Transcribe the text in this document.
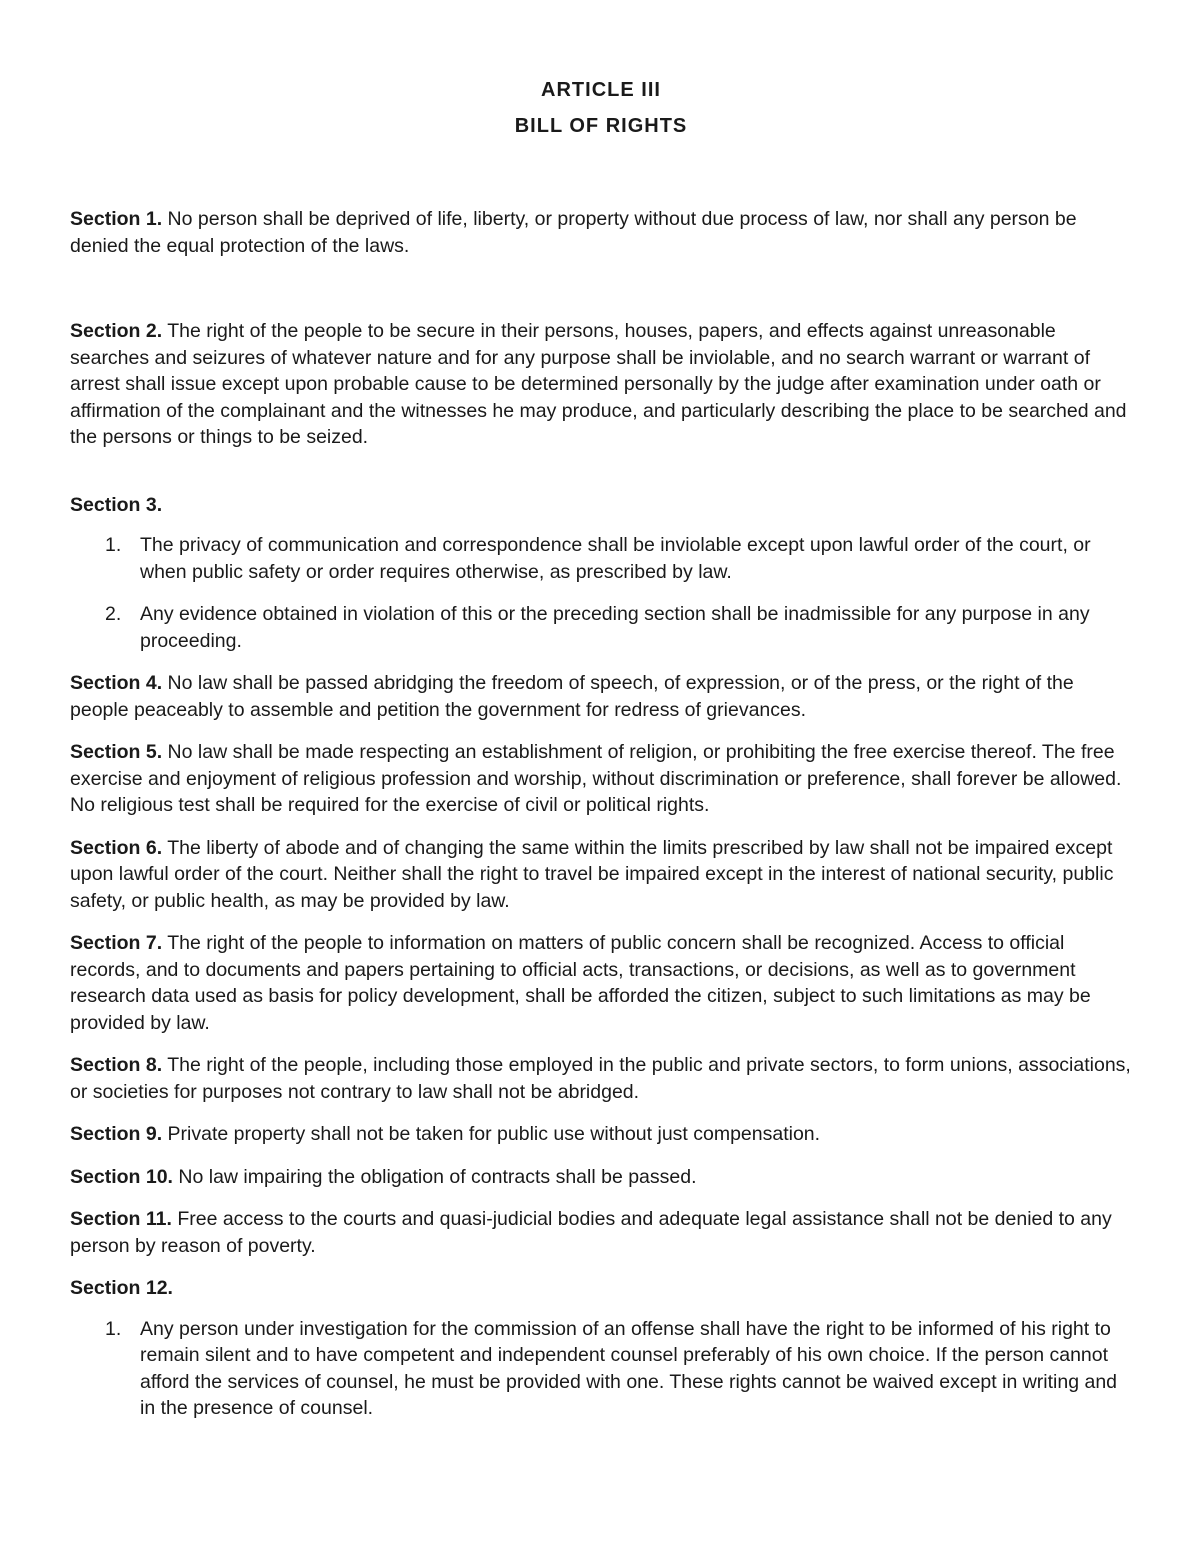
ARTICLE III

BILL OF RIGHTS

Section 1. No person shall be deprived of life, liberty, or property without due process of law, nor shall any person be denied the equal protection of the laws.

Section 2. The right of the people to be secure in their persons, houses, papers, and effects against unreasonable searches and seizures of whatever nature and for any purpose shall be inviolable, and no search warrant or warrant of arrest shall issue except upon probable cause to be determined personally by the judge after examination under oath or affirmation of the complainant and the witnesses he may produce, and particularly describing the place to be searched and the persons or things to be seized.

Section 3.

1. The privacy of communication and correspondence shall be inviolable except upon lawful order of the court, or when public safety or order requires otherwise, as prescribed by law.
2. Any evidence obtained in violation of this or the preceding section shall be inadmissible for any purpose in any proceeding.

Section 4. No law shall be passed abridging the freedom of speech, of expression, or of the press, or the right of the people peaceably to assemble and petition the government for redress of grievances.

Section 5. No law shall be made respecting an establishment of religion, or prohibiting the free exercise thereof. The free exercise and enjoyment of religious profession and worship, without discrimination or preference, shall forever be allowed. No religious test shall be required for the exercise of civil or political rights.

Section 6. The liberty of abode and of changing the same within the limits prescribed by law shall not be impaired except upon lawful order of the court. Neither shall the right to travel be impaired except in the interest of national security, public safety, or public health, as may be provided by law.

Section 7. The right of the people to information on matters of public concern shall be recognized. Access to official records, and to documents and papers pertaining to official acts, transactions, or decisions, as well as to government research data used as basis for policy development, shall be afforded the citizen, subject to such limitations as may be provided by law.

Section 8. The right of the people, including those employed in the public and private sectors, to form unions, associations, or societies for purposes not contrary to law shall not be abridged.

Section 9. Private property shall not be taken for public use without just compensation.

Section 10. No law impairing the obligation of contracts shall be passed.

Section 11. Free access to the courts and quasi-judicial bodies and adequate legal assistance shall not be denied to any person by reason of poverty.

Section 12.

1. Any person under investigation for the commission of an offense shall have the right to be informed of his right to remain silent and to have competent and independent counsel preferably of his own choice. If the person cannot afford the services of counsel, he must be provided with one. These rights cannot be waived except in writing and in the presence of counsel.
